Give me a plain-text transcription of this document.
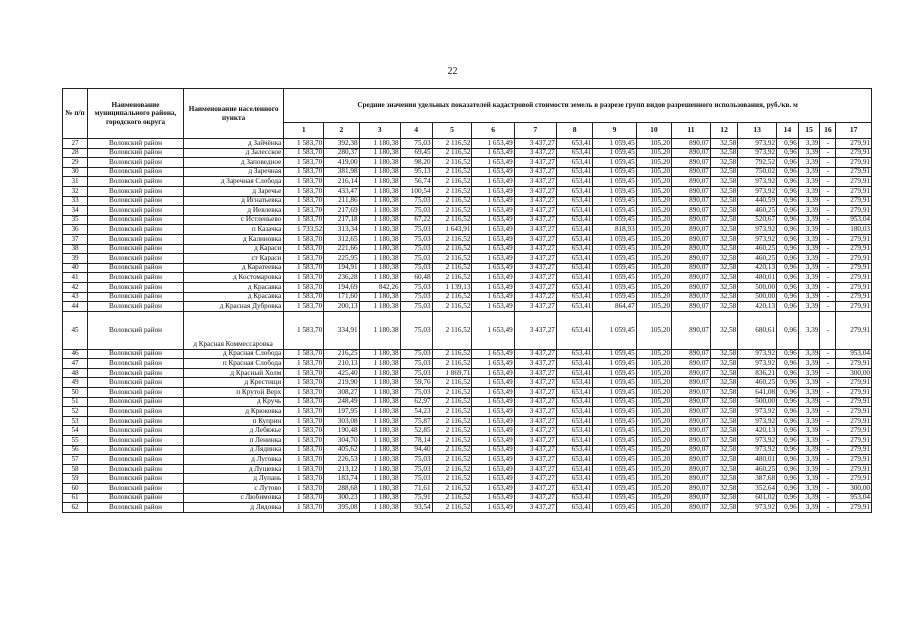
22
№ п/п	Наименование муниципального района, городского округа	Наименование населенного пункта	Средние значения удельных показателей кадастровой стоимости земель в разрезе групп видов разрешенного использования, руб./кв. м																
			1	2	3	4	5	6	7	8	9	10	11	12	13	14	15	16	17
27	Воловский район	д Зайчёнка	1 583,70	392,38	1 180,38	75,03	2 116,52	1 653,49	3 437,27	653,41	1 059,45	105,20	890,07	32,58	973,92	0,96	3,39	-	279,91
28	Воловский район	д Залесское	1 583,70	280,37	1 180,38	69,45	2 116,52	1 653,49	3 437,27	653,41	1 059,45	105,20	890,07	32,58	973,92	0,96	3,39	-	279,91
29	Воловский район	д Заповедное	1 583,70	419,00	1 180,38	98,20	2 116,52	1 653,49	3 437,27	653,41	1 059,45	105,20	890,07	32,58	792,52	0,96	3,39	-	279,91
30	Воловский район	д Заречная	1 583,70	381,98	1 180,38	95,13	2 116,52	1 653,49	3 437,27	653,41	1 059,45	105,20	890,07	32,58	750,02	0,96	3,39	-	279,91
31	Воловский район	д Заречная Слобода	1 583,70	216,14	1 180,38	56,74	2 116,52	1 653,49	3 437,27	653,41	1 059,45	105,20	890,07	32,58	973,92	0,96	3,39	-	279,91
32	Воловский район	д Заречье	1 583,70	433,47	1 180,38	100,54	2 116,52	1 653,49	3 437,27	653,41	1 059,45	105,20	890,07	32,58	973,92	0,96	3,39	-	279,91
33	Воловский район	д Игнатьевка	1 583,70	211,86	1 180,38	75,03	2 116,52	1 653,49	3 437,27	653,41	1 059,45	105,20	890,07	32,58	440,59	0,96	3,39	-	279,91
34	Воловский район	д Иевлевка	1 583,70	217,69	1 180,38	75,03	2 116,52	1 653,49	3 437,27	653,41	1 059,45	105,20	890,07	32,58	460,25	0,96	3,39	-	279,91
35	Воловский район	с Истленьево	1 583,70	217,18	1 180,38	67,22	2 116,52	1 653,49	3 437,27	653,41	1 059,45	105,20	890,07	32,58	520,67	0,96	3,39	-	953,04
36	Воловский район	п Казачка	1 733,52	313,34	1 180,38	75,03	1 643,91	1 653,49	3 437,27	653,41	818,93	105,20	890,07	32,58	973,92	0,96	3,39	-	180,03
37	Воловский район	д Калиновка	1 583,70	312,65	1 180,38	75,03	2 116,52	1 653,49	3 437,27	653,41	1 059,45	105,20	890,07	32,58	973,92	0,96	3,39	-	279,91
38	Воловский район	д Караси	1 583,70	221,66	1 180,38	75,03	2 116,52	1 653,49	3 437,27	653,41	1 059,45	105,20	890,07	32,58	460,25	0,96	3,39	-	279,91
39	Воловский район	ст Караси	1 583,70	225,95	1 180,38	75,03	2 116,52	1 653,49	3 437,27	653,41	1 059,45	105,20	890,07	32,58	460,25	0,96	3,39	-	279,91
40	Воловский район	д Каратеевка	1 583,70	194,91	1 180,38	75,03	2 116,52	1 653,49	3 437,27	653,41	1 059,45	105,20	890,07	32,58	420,13	0,96	3,39	-	279,91
41	Воловский район	д Костомаровка	1 583,70	236,28	1 180,38	60,48	2 116,52	1 653,49	3 437,27	653,41	1 059,45	105,20	890,07	32,58	480,01	0,96	3,39	-	279,91
42	Воловский район	д Красавка	1 583,70	194,69	842,26	75,03	1 139,13	1 653,49	3 437,27	653,41	1 059,45	105,20	890,07	32,58	500,00	0,96	3,39	-	279,91
43	Воловский район	д Красавка	1 583,70	171,60	1 180,38	75,03	2 116,52	1 653,49	3 437,27	653,41	1 059,45	105,20	890,07	32,58	500,00	0,96	3,39	-	279,91
44	Воловский район	д Красная Дубровка	1 583,70	200,13	1 180,38	75,03	2 116,52	1 653,49	3 437,27	653,41	864,47	105,20	890,07	32,58	420,13	0,96	3,39	-	279,91
45	Воловский район	д Красная Коммессаровка	1 583,70	334,91	1 180,38	75,03	2 116,52	1 653,49	3 437,27	653,41	1 059,45	105,20	890,07	32,58	680,61	0,96	3,39	-	279,91
46	Воловский район	д Красная Слобода	1 583,70	216,25	1 180,38	75,03	2 116,52	1 653,49	3 437,27	653,41	1 059,45	105,20	890,07	32,58	973,92	0,96	3,39	-	953,04
47	Воловский район	п Красная Слобода	1 583,70	210,13	1 180,38	75,03	2 116,52	1 653,49	3 437,27	653,41	1 059,45	105,20	890,07	32,58	973,92	0,96	3,39	-	279,91
48	Воловский район	д Красный Холм	1 583,70	425,40	1 180,38	75,03	1 869,71	1 653,49	3 437,27	653,41	1 059,45	105,20	890,07	32,58	836,21	0,96	3,39	-	300,00
49	Воловский район	д Крестищи	1 583,70	219,90	1 180,38	59,76	2 116,52	1 653,49	3 437,27	653,41	1 059,45	105,20	890,07	32,58	460,25	0,96	3,39	-	279,91
50	Воловский район	п Крутой Верх	1 583,70	308,27	1 180,38	75,03	2 116,52	1 653,49	3 437,27	653,41	1 059,45	105,20	890,07	32,58	641,08	0,96	3,39	-	279,91
51	Воловский район	д Кручь	1 583,70	248,49	1 180,38	62,97	2 116,52	1 653,49	3 437,27	653,41	1 059,45	105,20	890,07	32,58	500,00	0,96	3,39	-	279,91
52	Воловский район	д Крюковка	1 583,70	197,95	1 180,38	54,23	2 116,52	1 653,49	3 437,27	653,41	1 059,45	105,20	890,07	32,58	973,92	0,96	3,39	-	279,91
53	Воловский район	п Куприн	1 583,70	303,08	1 180,38	75,87	2 116,52	1 653,49	3 437,27	653,41	1 059,45	105,20	890,07	32,58	973,92	0,96	3,39	-	279,91
54	Воловский район	д Лебяжье	1 583,70	190,48	1 180,38	52,85	2 116,52	1 653,49	3 437,27	653,41	1 059,45	105,20	890,07	32,58	420,13	0,96	3,39	-	279,91
55	Воловский район	п Ленинка	1 583,70	304,70	1 180,38	78,14	2 116,52	1 653,49	3 437,27	653,41	1 059,45	105,20	890,07	32,58	973,92	0,96	3,39	-	279,91
56	Воловский район	д Лядинка	1 583,70	405,62	1 180,38	94,40	2 116,52	1 653,49	3 437,27	653,41	1 059,45	105,20	890,07	32,58	973,92	0,96	3,39	-	279,91
57	Воловский район	д Луговка	1 583,70	226,53	1 180,38	75,03	2 116,52	1 653,49	3 437,27	653,41	1 059,45	105,20	890,07	32,58	480,01	0,96	3,39	-	279,91
58	Воловский район	д Лушевка	1 583,70	213,12	1 180,38	75,03	2 116,52	1 653,49	3 437,27	653,41	1 059,45	105,20	890,07	32,58	460,25	0,96	3,39	-	279,91
59	Воловский район	д Лупань	1 583,70	183,74	1 180,38	75,03	2 116,52	1 653,49	3 437,27	653,41	1 059,45	105,20	890,07	32,58	387,68	0,96	3,39	-	279,91
60	Воловский район	с Лутово	1 583,70	288,68	1 180,38	71,61	2 116,52	1 653,49	3 437,27	653,41	1 059,45	105,20	890,07	32,58	352,64	0,96	3,39	-	300,00
61	Воловский район	с Любимовка	1 583,70	300,23	1 180,38	75,91	2 116,52	1 653,49	3 437,27	653,41	1 059,45	105,20	890,07	32,58	601,02	0,96	3,39	-	953,04
62	Воловский район	д Лядовка	1 583,70	395,08	1 180,38	93,54	2 116,52	1 653,49	3 437,27	653,41	1 059,45	105,20	890,07	32,58	973,92	0,96	3,39	-	279,91
